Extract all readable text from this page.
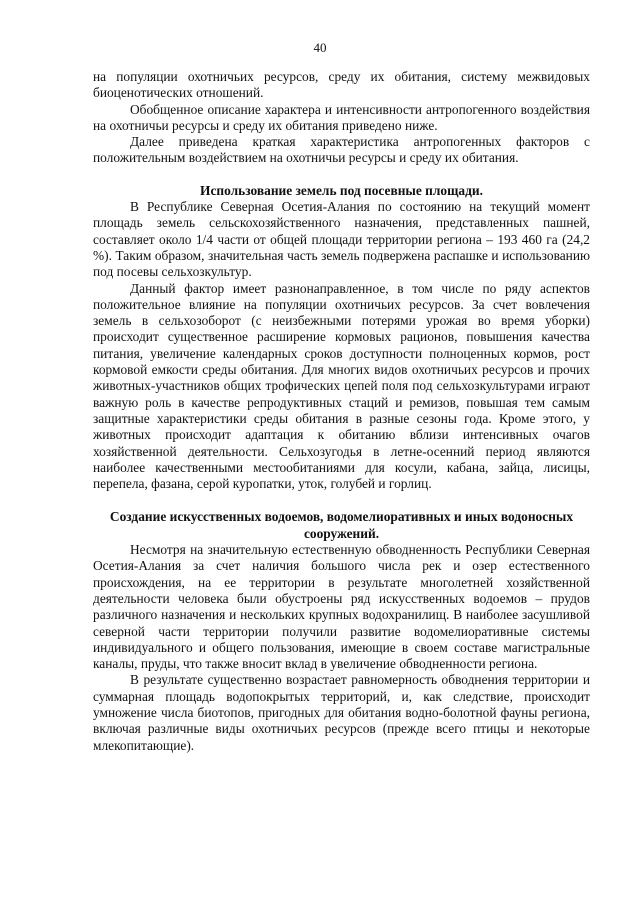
40

на популяции охотничьих ресурсов, среду их обитания, систему межвидовых биоценотических отношений.

Обобщенное описание характера и интенсивности антропогенного воздействия на охотничьи ресурсы и среду их обитания приведено ниже.

Далее приведена краткая характеристика антропогенных факторов с положительным воздействием на охотничьи ресурсы и среду их обитания.

Использование земель под посевные площади.

В Республике Северная Осетия-Алания по состоянию на текущий момент площадь земель сельскохозяйственного назначения, представленных пашней, составляет около 1/4 части от общей площади территории региона – 193 460 га (24,2 %). Таким образом, значительная часть земель подвержена распашке и использованию под посевы сельхозкультур.

Данный фактор имеет разнонаправленное, в том числе по ряду аспектов положительное влияние на популяции охотничьих ресурсов. За счет вовлечения земель в сельхозоборот (с неизбежными потерями урожая во время уборки) происходит существенное расширение кормовых рационов, повышения качества питания, увеличение календарных сроков доступности полноценных кормов, рост кормовой емкости среды обитания. Для многих видов охотничьих ресурсов и прочих животных-участников общих трофических цепей поля под сельхозкультурами играют важную роль в качестве репродуктивных стаций и ремизов, повышая тем самым защитные характеристики среды обитания в разные сезоны года. Кроме этого, у животных происходит адаптация к обитанию вблизи интенсивных очагов хозяйственной деятельности. Сельхозугодья в летне-осенний период являются наиболее качественными местообитаниями для косули, кабана, зайца, лисицы, перепела, фазана, серой куропатки, уток, голубей и горлиц.

Создание искусственных водоемов, водомелиоративных и иных водоносных сооружений.

Несмотря на значительную естественную обводненность Республики Северная Осетия-Алания за счет наличия большого числа рек и озер естественного происхождения, на ее территории в результате многолетней хозяйственной деятельности человека были обустроены ряд искусственных водоемов – прудов различного назначения и нескольких крупных водохранилищ. В наиболее засушливой северной части территории получили развитие водомелиоративные системы индивидуального и общего пользования, имеющие в своем составе магистральные каналы, пруды, что также вносит вклад в увеличение обводненности региона.

В результате существенно возрастает равномерность обводнения территории и суммарная площадь водопокрытых территорий, и, как следствие, происходит умножение числа биотопов, пригодных для обитания водно-болотной фауны региона, включая различные виды охотничьих ресурсов (прежде всего птицы и некоторые млекопитающие).
